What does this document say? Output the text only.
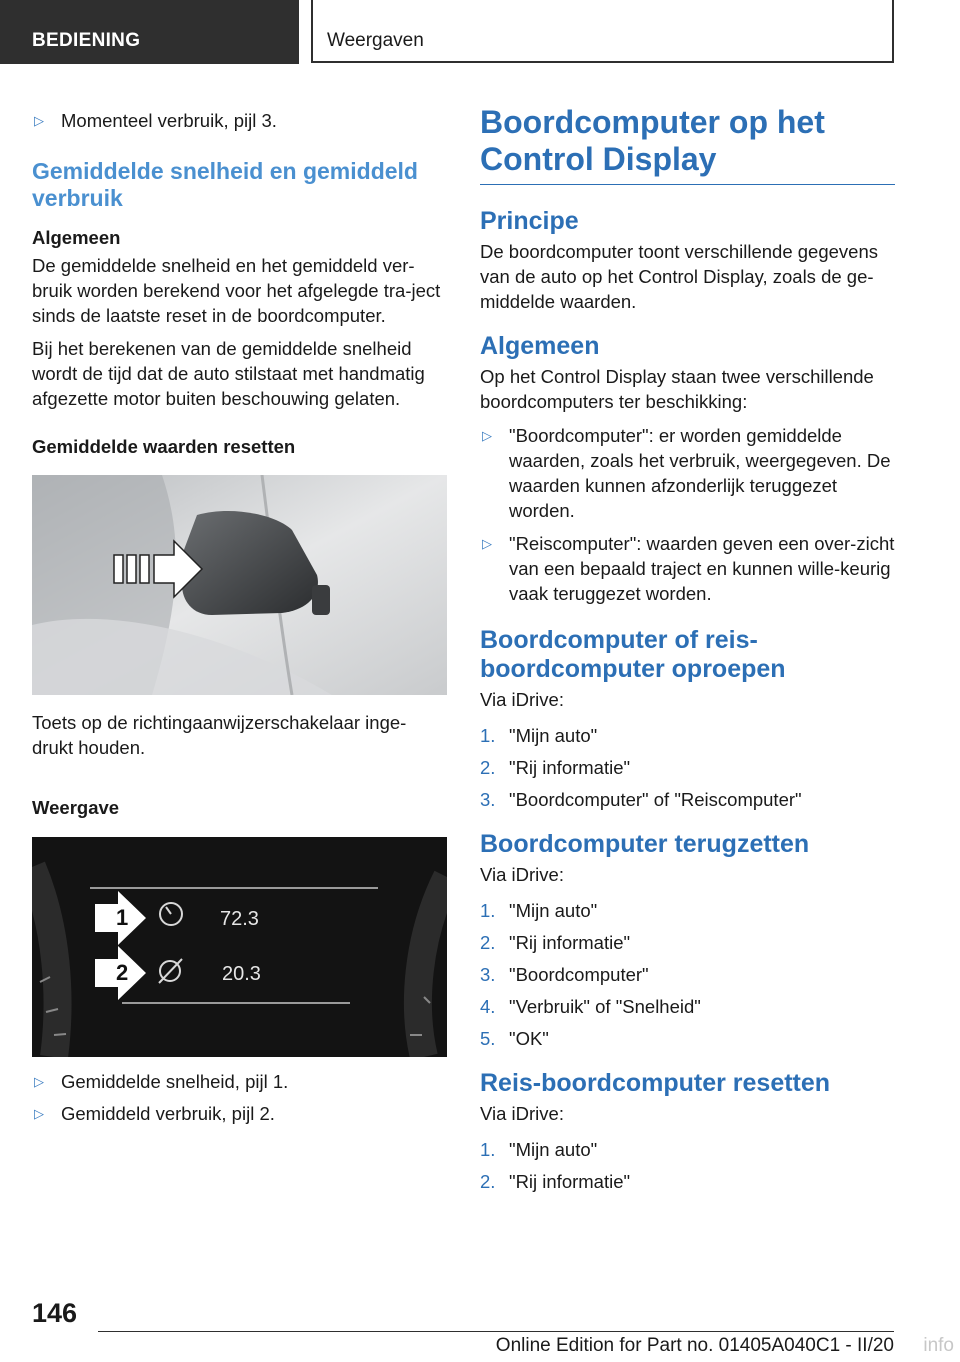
BEDIENING	Weergaven
▷ Momenteel verbruik, pijl 3.
Gemiddelde snelheid en gemiddeld verbruik
Algemeen

De gemiddelde snelheid en het gemiddeld ver-bruik worden berekend voor het afgelegde tra-ject sinds de laatste reset in de boordcomputer.

Bij het berekenen van de gemiddelde snelheid wordt de tijd dat de auto stilstaat met handmatig afgezette motor buiten beschouwing gelaten.

Gemiddelde waarden resetten

Toets op de richtingaanwijzerschakelaar inge-drukt houden.

Weergave
1
2
72.3
20.3
▷ Gemiddelde snelheid, pijl 1.
▷ Gemiddeld verbruik, pijl 2.
Boordcomputer op het Control Display
Principe

De boordcomputer toont verschillende gegevens van de auto op het Control Display, zoals de ge-middelde waarden.

Algemeen

Op het Control Display staan twee verschillende boordcomputers ter beschikking:

▷ "Boordcomputer": er worden gemiddelde waarden, zoals het verbruik, weergegeven. De waarden kunnen afzonderlijk teruggezet worden.
▷ "Reiscomputer": waarden geven een over-zicht van een bepaald traject en kunnen wille-keurig vaak teruggezet worden.
Boordcomputer of reis-boordcomputer oproepen

Via iDrive:

1. "Mijn auto"
2. "Rij informatie"
3. "Boordcomputer" of "Reiscomputer"
Boordcomputer terugzetten

Via iDrive:

1. "Mijn auto"
2. "Rij informatie"
3. "Boordcomputer"
4. "Verbruik" of "Snelheid"
5. "OK"
Reis-boordcomputer resetten

Via iDrive:

1. "Mijn auto"
2. "Rij informatie"
146
Online Edition for Part no. 01405A040C1 - II/20 info
